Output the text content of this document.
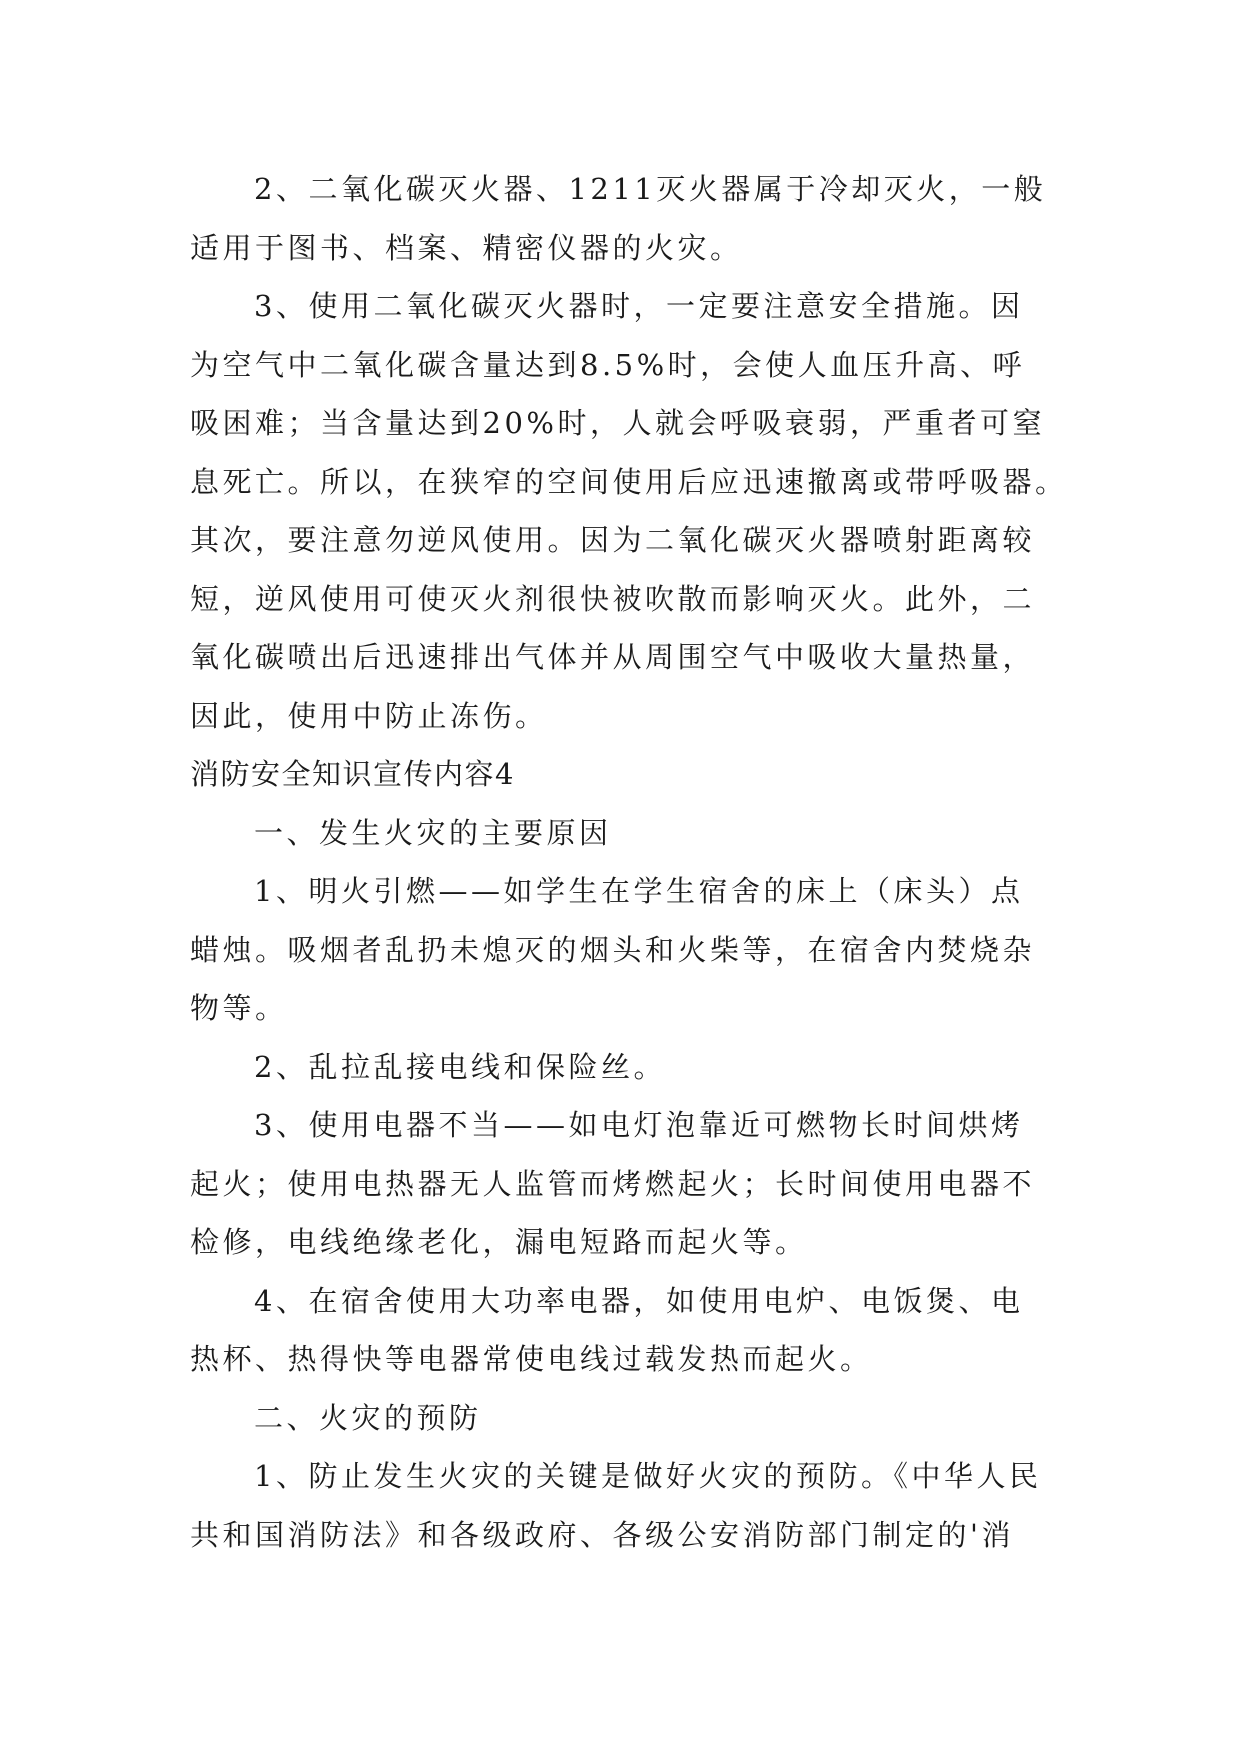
2、二氧化碳灭火器、1211灭火器属于冷却灭火，一般
适用于图书、档案、精密仪器的火灾。
3、使用二氧化碳灭火器时，一定要注意安全措施。因
为空气中二氧化碳含量达到8.5%时，会使人血压升高、呼
吸困难；当含量达到20%时，人就会呼吸衰弱，严重者可窒
息死亡。所以，在狭窄的空间使用后应迅速撤离或带呼吸器。
其次，要注意勿逆风使用。因为二氧化碳灭火器喷射距离较
短，逆风使用可使灭火剂很快被吹散而影响灭火。此外，二
氧化碳喷出后迅速排出气体并从周围空气中吸收大量热量，
因此，使用中防止冻伤。
消防安全知识宣传内容4
一、发生火灾的主要原因
1、明火引燃——如学生在学生宿舍的床上（床头）点
蜡烛。吸烟者乱扔未熄灭的烟头和火柴等，在宿舍内焚烧杂
物等。
2、乱拉乱接电线和保险丝。
3、使用电器不当——如电灯泡靠近可燃物长时间烘烤
起火；使用电热器无人监管而烤燃起火；长时间使用电器不
检修，电线绝缘老化，漏电短路而起火等。
4、在宿舍使用大功率电器，如使用电炉、电饭煲、电
热杯、热得快等电器常使电线过载发热而起火。
二、火灾的预防
1、防止发生火灾的关键是做好火灾的预防。《中华人民
共和国消防法》和各级政府、各级公安消防部门制定的'消
